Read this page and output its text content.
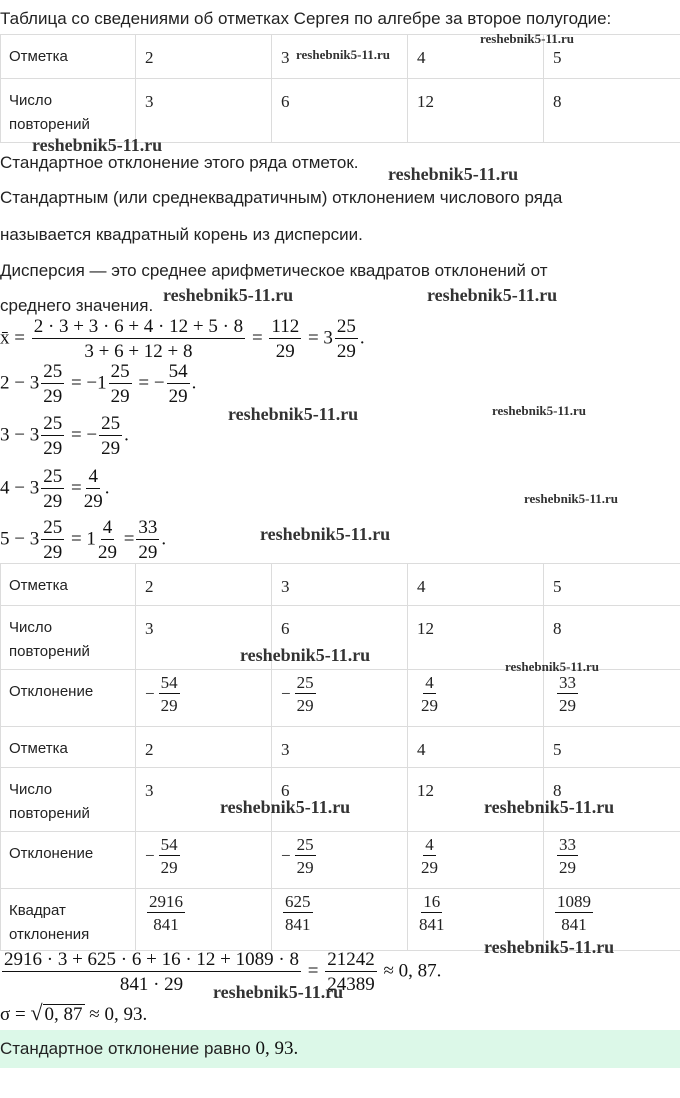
Таблица со сведениями об отметках Сергея по алгебре за второе полугодие:
Отметка	2	3	4	5
Число
повторений	3	6	12	8
Стандартное отклонение этого ряда отметок.
Стандартным (или среднеквадратичным) отклонением числового ряда
называется квадратный корень из дисперсии.
Дисперсия — это среднее арифметическое квадратов отклонений от
среднего значения.
x̄ = $\frac{2 \cdot 3 + 3 \cdot 6 + 4 \cdot 12 + 5 \cdot 8}{3 + 6 + 12 + 8} = \frac{112}{29} = 3 \frac{25}{29}$ .
$2 - 3 \frac{25}{29} = -1 \frac{25}{29}$ = − $\frac{54}{29}$ .
$3 - 3 \frac{25}{29}$ = − $\frac{25}{29}$ .
$4 - 3 \frac{25}{29} = \frac{4}{29}$ .
$5 - 3 \frac{25}{29} = 1 \frac{4}{29} = \frac{33}{29}$ .
Отметка	2	3	4	5
Число
повторений	3	6	12	8
Отклонение	− $\frac{54}{29}$	− $\frac{25}{29}$	$\frac{4}{29}$	$\frac{33}{29}$
Отметка	2	3	4	5
Число
повторений	3	6	12	8
Отклонение	− $\frac{54}{29}$	− $\frac{25}{29}$	$\frac{4}{29}$	$\frac{33}{29}$

Квадрат
отклонения	$\frac{2916}{841}$	$\frac{625}{841}$	$\frac{16}{841}$	$\frac{1089}{841}$
$\frac{2916 \cdot 3 + 625 \cdot 6 + 16 \cdot 12 + 1089 \cdot 8}{841 \cdot 29} = \frac{21242}{24389} \approx 0$, 87.
σ = √ 0, 87 ≈ 0, 93.
Стандартное отклонение равно 0, 93.
reshebnik5-11.ru
reshebnik5-11.ru
reshebnik5-11.ru
reshebnik5-11.ru
reshebnik5-11.ru	reshebnik5-11.ru
reshebnik5-11.ru	reshebnik5-11.ru
reshebnik5-11.ru
reshebnik5-11.ru
reshebnik5-11.ru
reshebnik5-11.ru
reshebnik5-11.ru	reshebnik5-11.ru
reshebnik5-11.ru
reshebnik5-11.ru
